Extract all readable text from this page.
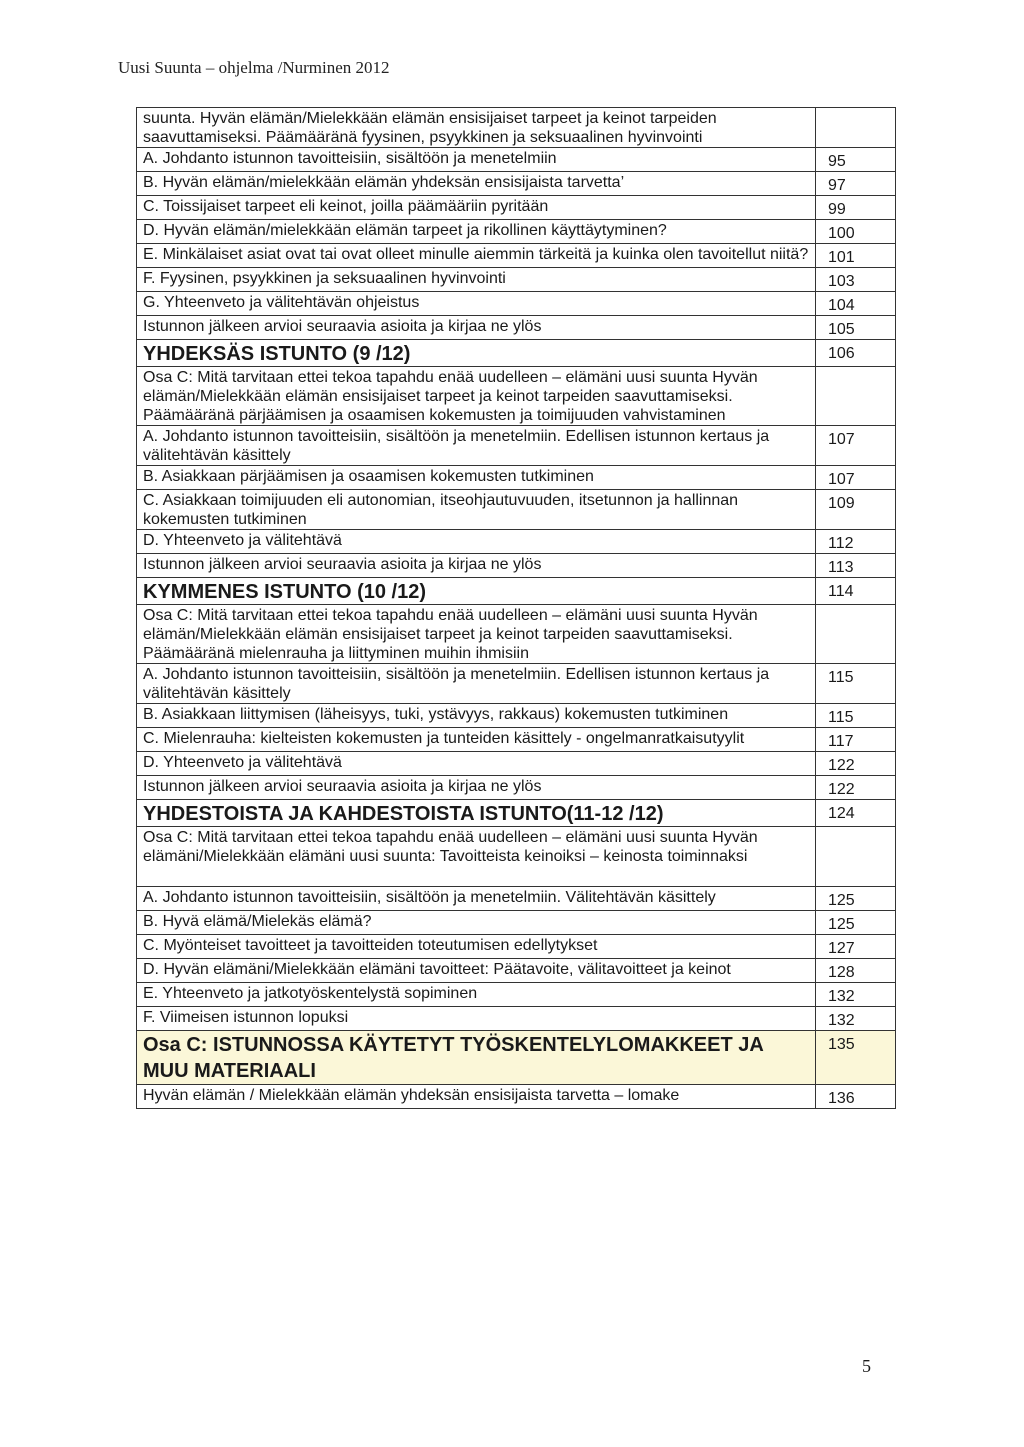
Uusi Suunta – ohjelma /Nurminen 2012
suunta. Hyvän elämän/Mielekkään elämän ensisijaiset tarpeet ja keinot tarpeiden saavuttamiseksi. Päämääränä fyysinen, psyykkinen ja seksuaalinen hyvinvointi	
A. Johdanto istunnon tavoitteisiin, sisältöön ja menetelmiin	95
B. Hyvän elämän/mielekkään elämän yhdeksän ensisijaista tarvetta’	97
C. Toissijaiset tarpeet eli keinot, joilla päämääriin pyritään	99
D. Hyvän elämän/mielekkään elämän tarpeet ja rikollinen käyttäytyminen?	100
E. Minkälaiset asiat ovat tai ovat olleet minulle aiemmin tärkeitä ja kuinka olen tavoitellut niitä?	101
F. Fyysinen, psyykkinen ja seksuaalinen hyvinvointi	103
G. Yhteenveto ja välitehtävän ohjeistus	104
Istunnon jälkeen arvioi seuraavia asioita ja kirjaa ne ylös	105
YHDEKSÄS ISTUNTO (9 /12)	106
Osa C: Mitä tarvitaan ettei tekoa tapahdu enää uudelleen – elämäni uusi suunta Hyvän elämän/Mielekkään elämän ensisijaiset tarpeet ja keinot tarpeiden saavuttamiseksi. Päämääränä pärjäämisen ja osaamisen kokemusten ja toimijuuden vahvistaminen	
A. Johdanto istunnon tavoitteisiin, sisältöön ja menetelmiin. Edellisen istunnon kertaus ja välitehtävän käsittely	107
B. Asiakkaan pärjäämisen ja osaamisen kokemusten tutkiminen	107
C. Asiakkaan toimijuuden eli autonomian, itseohjautuvuuden, itsetunnon ja hallinnan kokemusten tutkiminen	109
D. Yhteenveto ja välitehtävä	112
Istunnon jälkeen arvioi seuraavia asioita ja kirjaa ne ylös	113
KYMMENES ISTUNTO (10 /12)	114
Osa C: Mitä tarvitaan ettei tekoa tapahdu enää uudelleen – elämäni uusi suunta Hyvän elämän/Mielekkään elämän ensisijaiset tarpeet ja keinot tarpeiden saavuttamiseksi. Päämääränä mielenrauha ja liittyminen muihin ihmisiin	
A. Johdanto istunnon tavoitteisiin, sisältöön ja menetelmiin. Edellisen istunnon kertaus ja välitehtävän käsittely	115
B. Asiakkaan liittymisen (läheisyys, tuki, ystävyys, rakkaus) kokemusten tutkiminen	115
C. Mielenrauha: kielteisten kokemusten ja tunteiden käsittely - ongelmanratkaisutyylit	117
D. Yhteenveto ja välitehtävä	122
Istunnon jälkeen arvioi seuraavia asioita ja kirjaa ne ylös	122
YHDESTOISTA JA KAHDESTOISTA ISTUNTO(11-12 /12)	124
Osa C: Mitä tarvitaan ettei tekoa tapahdu enää uudelleen – elämäni uusi suunta Hyvän elämäni/Mielekkään elämäni uusi suunta: Tavoitteista keinoiksi – keinosta toiminnaksi	
A. Johdanto istunnon tavoitteisiin, sisältöön ja menetelmiin. Välitehtävän käsittely	125
B. Hyvä elämä/Mielekäs elämä?	125
C. Myönteiset tavoitteet ja tavoitteiden toteutumisen edellytykset	127
D. Hyvän elämäni/Mielekkään elämäni tavoitteet: Päätavoite, välitavoitteet ja keinot	128
E. Yhteenveto ja jatkotyöskentelystä sopiminen	132
F. Viimeisen istunnon lopuksi	132
Osa C: ISTUNNOSSA KÄYTETYT TYÖSKENTELYLOMAKKEET JA MUU MATERIAALI	135
Hyvän elämän / Mielekkään elämän yhdeksän ensisijaista tarvetta – lomake	136
5
